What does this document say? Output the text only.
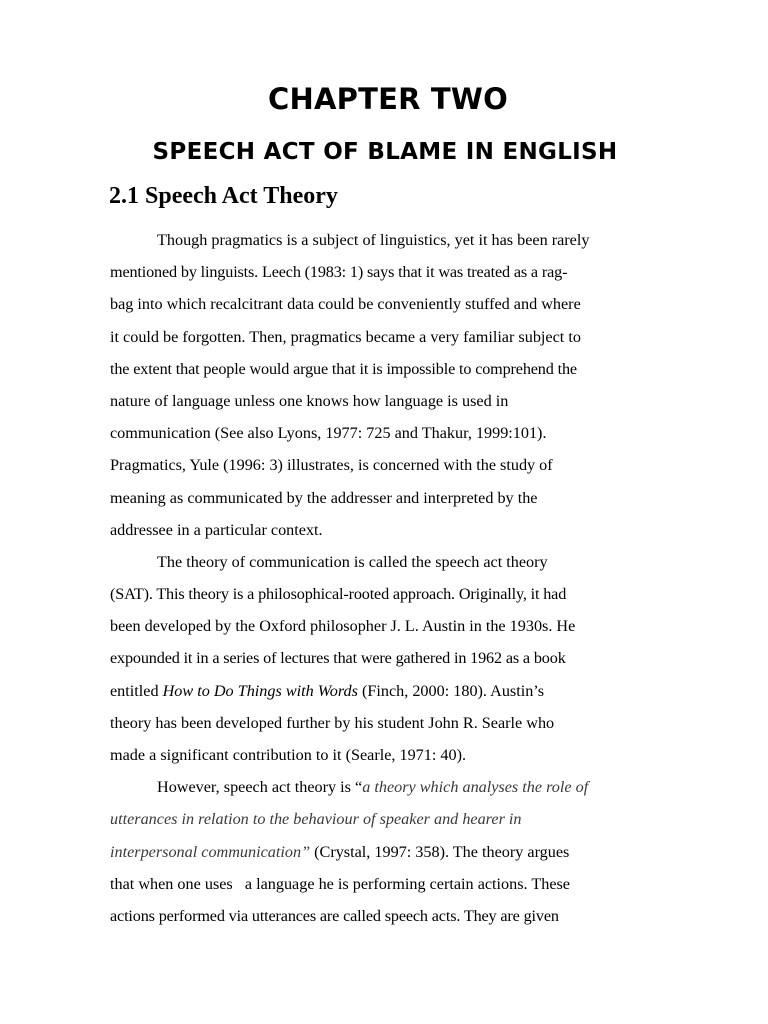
CHAPTER TWO
SPEECH ACT OF BLAME IN ENGLISH
2.1 Speech Act Theory
Though pragmatics is a subject of linguistics, yet it has been rarely
mentioned by linguists. Leech (1983: 1) says that it was treated as a rag-
bag into which recalcitrant data could be conveniently stuffed and where
it could be forgotten. Then, pragmatics became a very familiar subject to
the extent that people would argue that it is impossible to comprehend the
nature of language unless one knows how language is used in
communication (See also Lyons, 1977: 725 and Thakur, 1999:101).
Pragmatics, Yule (1996: 3) illustrates, is concerned with the study of
meaning as communicated by the addresser and interpreted by the
addressee in a particular context.
The theory of communication is called the speech act theory
(SAT). This theory is a philosophical-rooted approach. Originally, it had
been developed by the Oxford philosopher J. L. Austin in the 1930s. He
expounded it in a series of lectures that were gathered in 1962 as a book
entitled How to Do Things with Words (Finch, 2000: 180). Austin’s
theory has been developed further by his student John R. Searle who
made a significant contribution to it (Searle, 1971: 40).
However, speech act theory is “a theory which analyses the role of
utterances in relation to the behaviour of speaker and hearer in
interpersonal communication” (Crystal, 1997: 358). The theory argues
that when one uses   a language he is performing certain actions. These
actions performed via utterances are called speech acts. They are given
